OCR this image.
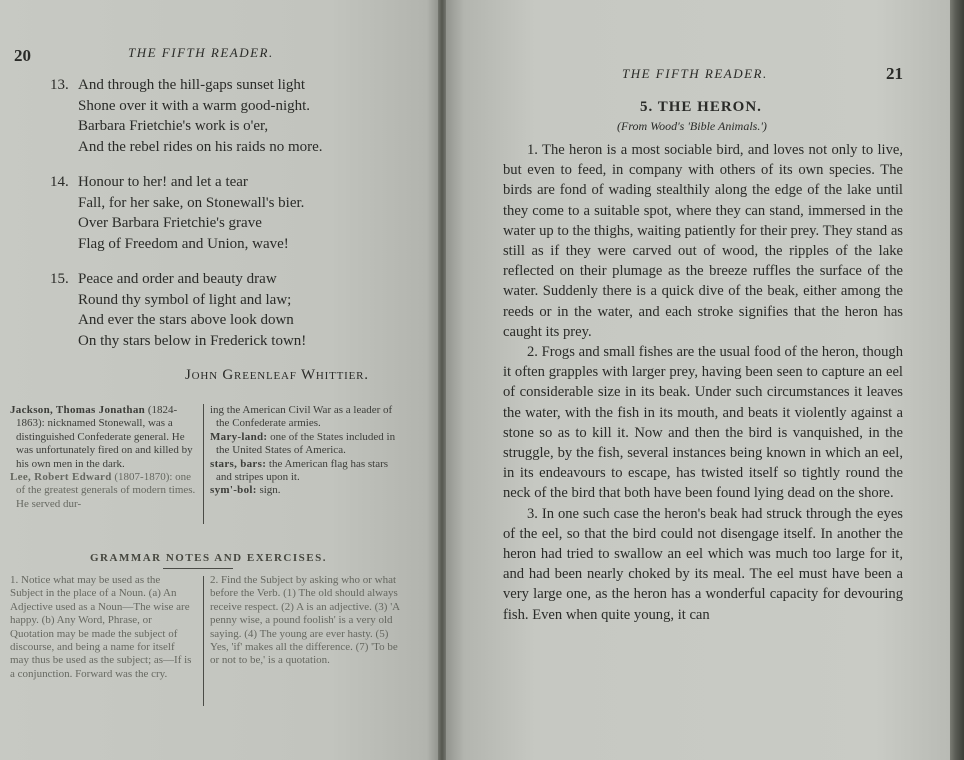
20	THE FIFTH READER.
13. And through the hill-gaps sunset light
Shone over it with a warm good-night.
Barbara Frietchie's work is o'er,
And the rebel rides on his raids no more.
14. Honour to her! and let a tear
Fall, for her sake, on Stonewall's bier.
Over Barbara Frietchie's grave
Flag of Freedom and Union, wave!
15. Peace and order and beauty draw
Round thy symbol of light and law;
And ever the stars above look down
On thy stars below in Frederick town!
John Greenleaf Whittier.
Jackson, Thomas Jonathan (1824-1863): nicknamed Stonewall, was a distinguished Confederate general. He was unfortunately fired on and killed by his own men in the dark.
Lee, Robert Edward (1807-1870): one of the greatest generals of modern times. He served dur-
ing the American Civil War as a leader of the Confederate armies.
Mary-land: one of the States included in the United States of America.
stars, bars: the American flag has stars and stripes upon it.
sym'-bol: sign.
GRAMMAR NOTES AND EXERCISES.
1. Notice what may be used as the Subject in the place of a Noun. (a) An Adjective used as a Noun—The wise are happy. (b) Any Word, Phrase, or Quotation may be made the subject of discourse, and being a name for itself may thus be used as the subject; as—If is a conjunction. Forward was the cry.
2. Find the Subject by asking who or what before the Verb. (1) The old should always receive respect. (2) A is an adjective. (3) 'A penny wise, a pound foolish' is a very old saying. (4) The young are ever hasty. (5) Yes, 'if' makes all the difference. (7) 'To be or not to be,' is a quotation.
THE FIFTH READER.	21
5. THE HERON.
(From Wood's 'Bible Animals.')

1. The heron is a most sociable bird, and loves not only to live, but even to feed, in company with others of its own species. The birds are fond of wading stealthily along the edge of the lake until they come to a suitable spot, where they can stand, immersed in the water up to the thighs, waiting patiently for their prey. They stand as still as if they were carved out of wood, the ripples of the lake reflected on their plumage as the breeze ruffles the surface of the water. Suddenly there is a quick dive of the beak, either among the reeds or in the water, and each stroke signifies that the heron has caught its prey.

2. Frogs and small fishes are the usual food of the heron, though it often grapples with larger prey, having been seen to capture an eel of considerable size in its beak. Under such circumstances it leaves the water, with the fish in its mouth, and beats it violently against a stone so as to kill it. Now and then the bird is vanquished, in the struggle, by the fish, several instances being known in which an eel, in its endeavours to escape, has twisted itself so tightly round the neck of the bird that both have been found lying dead on the shore.

3. In one such case the heron's beak had struck through the eyes of the eel, so that the bird could not disengage itself. In another the heron had tried to swallow an eel which was much too large for it, and had been nearly choked by its meal. The eel must have been a very large one, as the heron has a wonderful capacity for devouring fish. Even when quite young, it can
